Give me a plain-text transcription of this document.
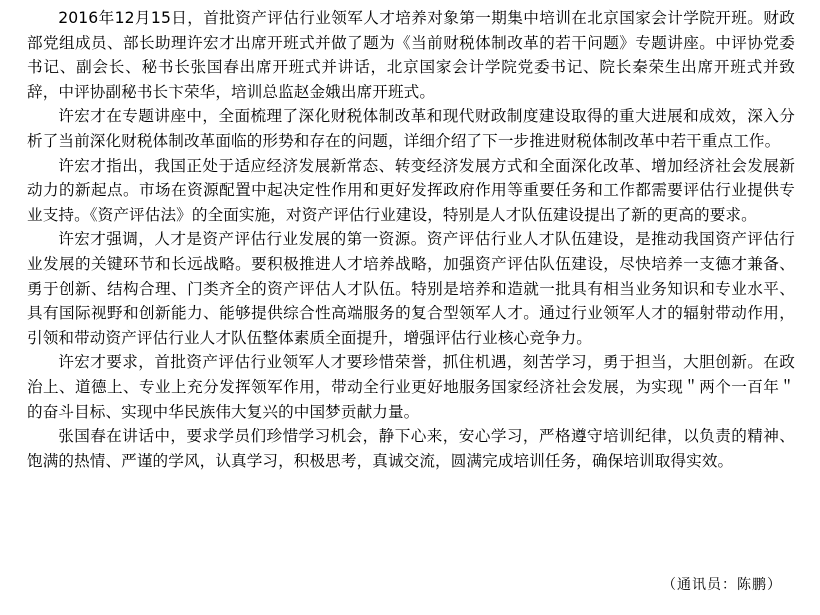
2016年12月15日，首批资产评估行业领军人才培养对象第一期集中培训在北京国家会计学院开班。财政部党组成员、部长助理许宏才出席开班式并做了题为《当前财税体制改革的若干问题》专题讲座。中评协党委书记、副会长、秘书长张国春出席开班式并讲话，北京国家会计学院党委书记、院长秦荣生出席开班式并致辞，中评协副秘书长卞荣华，培训总监赵金娥出席开班式。

许宏才在专题讲座中，全面梳理了深化财税体制改革和现代财政制度建设取得的重大进展和成效，深入分析了当前深化财税体制改革面临的形势和存在的问题，详细介绍了下一步推进财税体制改革中若干重点工作。

许宏才指出，我国正处于适应经济发展新常态、转变经济发展方式和全面深化改革、增加经济社会发展新动力的新起点。市场在资源配置中起决定性作用和更好发挥政府作用等重要任务和工作都需要评估行业提供专业支持。《资产评估法》的全面实施，对资产评估行业建设，特别是人才队伍建设提出了新的更高的要求。

许宏才强调，人才是资产评估行业发展的第一资源。资产评估行业人才队伍建设，是推动我国资产评估行业发展的关键环节和长远战略。要积极推进人才培养战略，加强资产评估队伍建设，尽快培养一支德才兼备、勇于创新、结构合理、门类齐全的资产评估人才队伍。特别是培养和造就一批具有相当业务知识和专业水平、具有国际视野和创新能力、能够提供综合性高端服务的复合型领军人才。通过行业领军人才的辐射带动作用，引领和带动资产评估行业人才队伍整体素质全面提升，增强评估行业核心竞争力。

许宏才要求，首批资产评估行业领军人才要珍惜荣誉，抓住机遇，刻苦学习，勇于担当，大胆创新。在政治上、道德上、专业上充分发挥领军作用，带动全行业更好地服务国家经济社会发展，为实现＂两个一百年＂的奋斗目标、实现中华民族伟大复兴的中国梦贡献力量。

张国春在讲话中，要求学员们珍惜学习机会，静下心来，安心学习，严格遵守培训纪律，以负责的精神、饱满的热情、严谨的学风，认真学习，积极思考，真诚交流，圆满完成培训任务，确保培训取得实效。

（通讯员：陈鹏）
